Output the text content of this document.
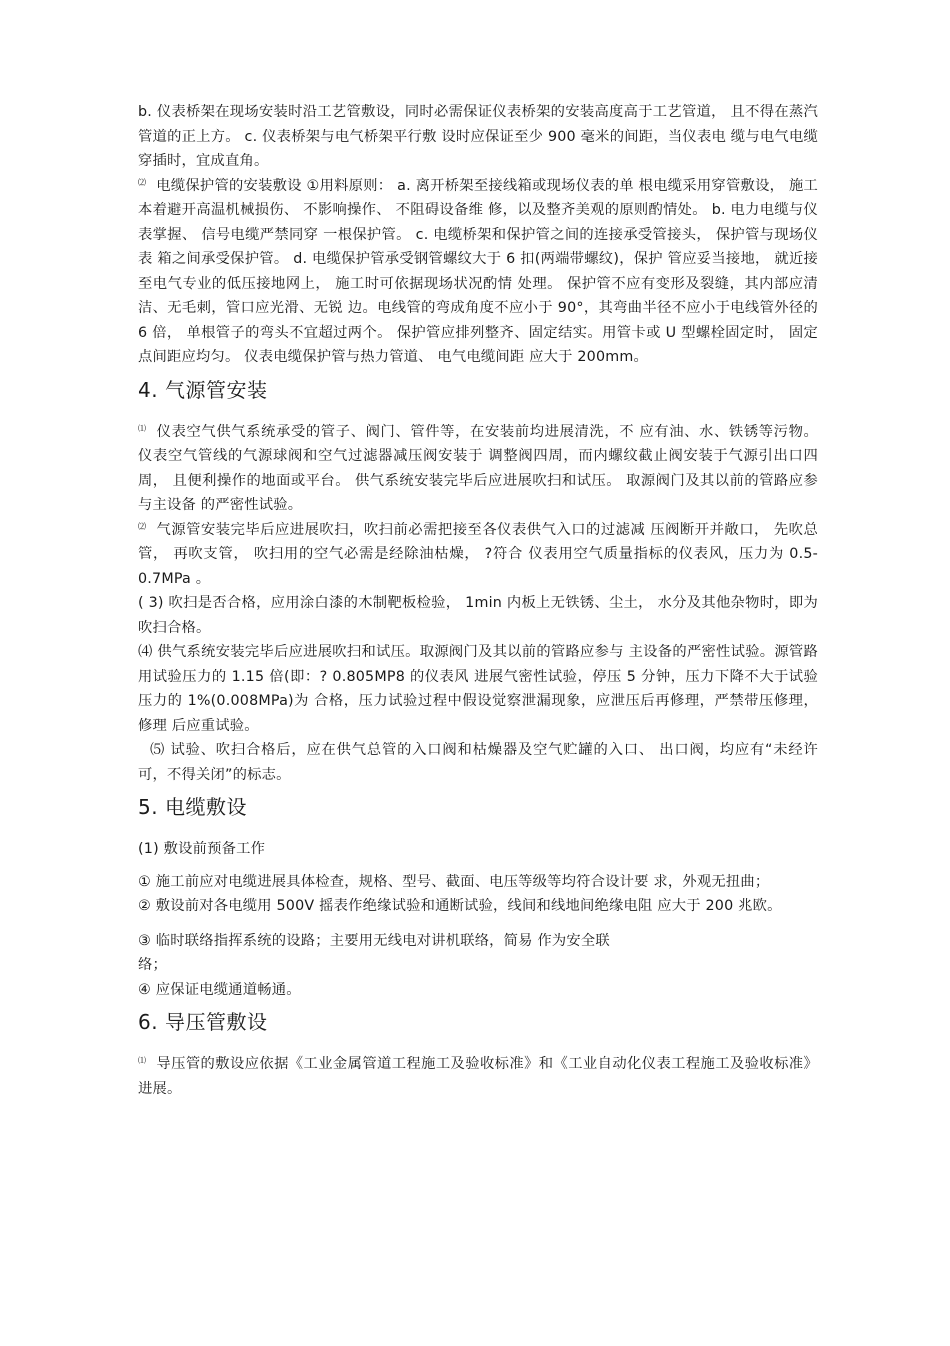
b. 仪表桥架在现场安装时沿工艺管敷设，同时必需保证仪表桥架的安装高度高于工艺管道， 且不得在蒸汽管道的正上方。 c. 仪表桥架与电气桥架平行敷 设时应保证至少 900 毫米的间距，当仪表电 缆与电气电缆穿插时，宜成直角。

⑵ 电缆保护管的安装敷设 ①用料原则： a. 离开桥架至接线箱或现场仪表的单 根电缆采用穿管敷设， 施工本着避开高温机械损伤、 不影响操作、 不阻碍设备维 修，以及整齐美观的原则酌情处。 b. 电力电缆与仪表掌握、 信号电缆严禁同穿 一根保护管。 c. 电缆桥架和保护管之间的连接承受管接头， 保护管与现场仪表 箱之间承受保护管。 d. 电缆保护管承受钢管螺纹大于 6 扣(两端带螺纹)，保护 管应妥当接地， 就近接至电气专业的低压接地网上， 施工时可依据现场状况酌情 处理。 保护管不应有变形及裂缝，其内部应清洁、无毛刺，管口应光滑、无锐 边。电线管的弯成角度不应小于 90°，其弯曲半径不应小于电线管外径的 6 倍， 单根管子的弯头不宜超过两个。 保护管应排列整齐、固定结实。用管卡或 U 型螺栓固定时， 固定点间距应均匀。 仪表电缆保护管与热力管道、 电气电缆间距 应大于 200mm。

4. 气源管安装

⑴ 仪表空气供气系统承受的管子、阀门、管件等，在安装前均进展清洗，不 应有油、水、铁锈等污物。 仪表空气管线的气源球阀和空气过滤器减压阀安装于 调整阀四周，而内螺纹截止阀安装于气源引出口四周， 且便利操作的地面或平台。 供气系统安装完毕后应进展吹扫和试压。 取源阀门及其以前的管路应参与主设备 的严密性试验。

⑵ 气源管安装完毕后应进展吹扫，吹扫前必需把接至各仪表供气入口的过滤减 压阀断开并敞口， 先吹总管， 再吹支管， 吹扫用的空气必需是经除油枯燥， ?符合 仪表用空气质量指标的仪表风，压力为 0.5-0.7MPa 。

( 3) 吹扫是否合格，应用涂白漆的木制靶板检验， 1min 内板上无铁锈、尘土， 水分及其他杂物时，即为吹扫合格。

⑷ 供气系统安装完毕后应进展吹扫和试压。取源阀门及其以前的管路应参与 主设备的严密性试验。源管路用试验压力的 1.15 倍(即：? 0.805MP8 的仪表风 进展气密性试验，停压 5 分钟，压力下降不大于试验压力的 1%(0.008MPa)为 合格，压力试验过程中假设觉察泄漏现象，应泄压后再修理，严禁带压修理，修理 后应重试验。

⑸ 试验、吹扫合格后，应在供气总管的入口阀和枯燥器及空气贮罐的入口、 出口阀，均应有“未经许可，不得关闭”的标志。

5. 电缆敷设

(1) 敷设前预备工作

① 施工前应对电缆进展具体检查，规格、型号、截面、电压等级等均符合设计要 求，外观无扭曲；

② 敷设前对各电缆用 500V 摇表作绝缘试验和通断试验，线间和线地间绝缘电阻 应大于 200 兆欧。

③ 临时联络指挥系统的设路；主要用无线电对讲机联络，简易 作为安全联

络；

④ 应保证电缆通道畅通。

6. 导压管敷设

⑴ 导压管的敷设应依据《工业金属管道工程施工及验收标准》和《工业自动化仪表工程施工及验收标准》进展。
